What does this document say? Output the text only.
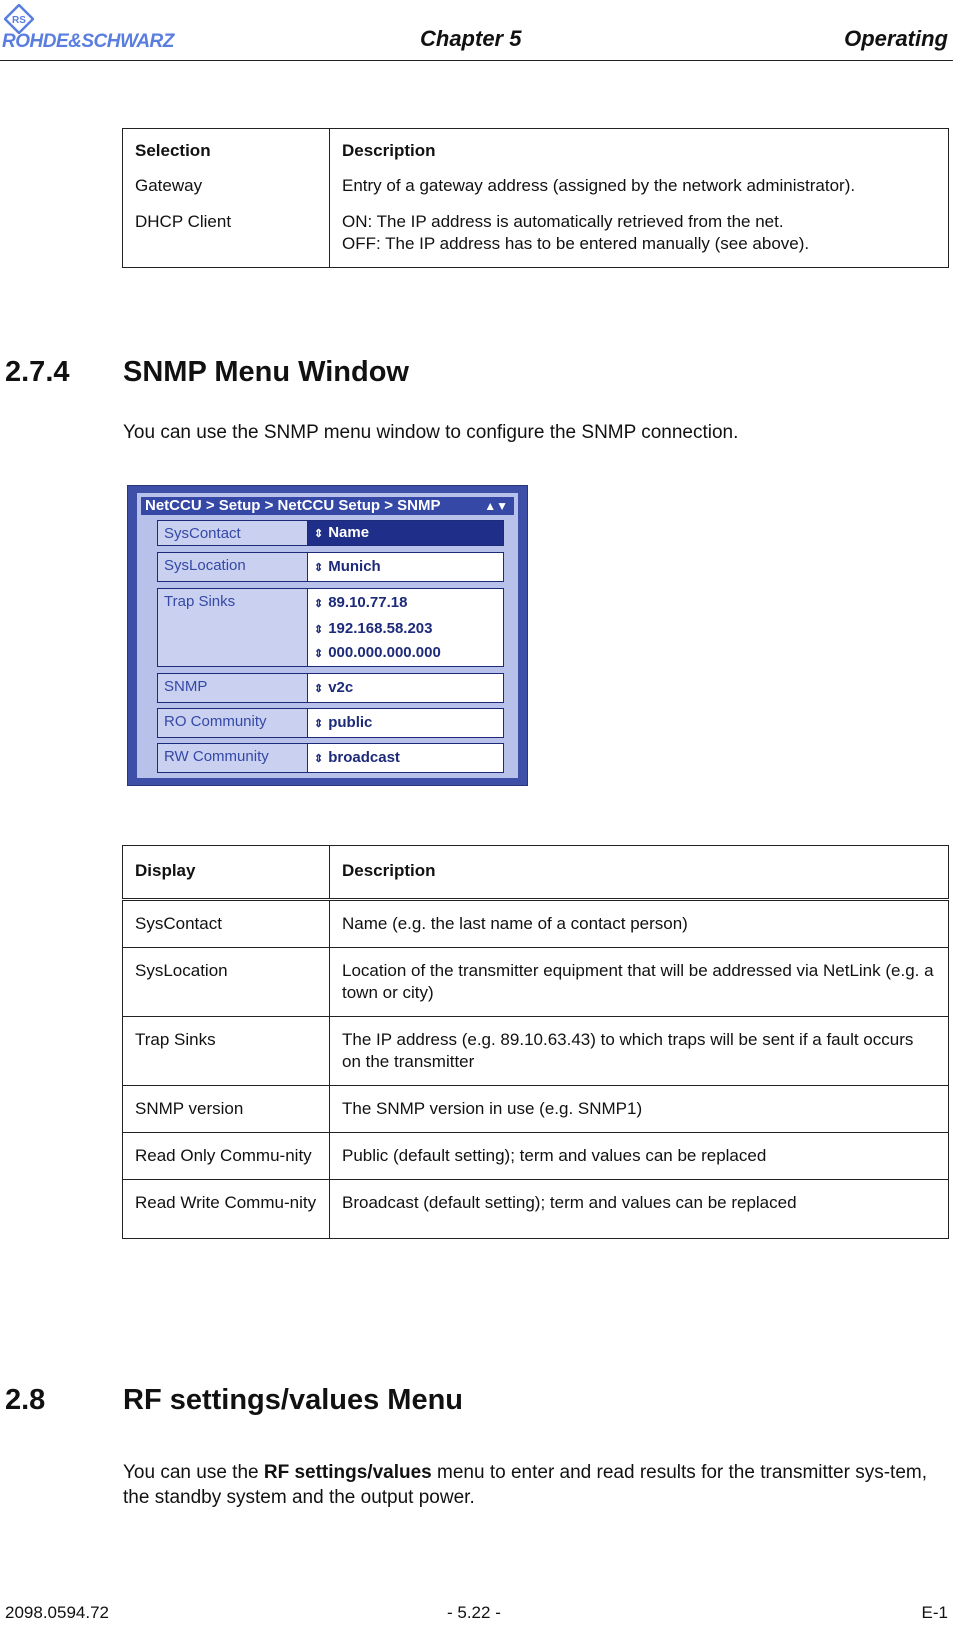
RS
ROHDE&SCHWARZ	Chapter 5	Operating
Selection	Description
Gateway	Entry of a gateway address (assigned by the network administrator).
DHCP Client	ON: The IP address is automatically retrieved from the net.
OFF: The IP address has to be entered manually (see above).
2.7.4 SNMP Menu Window
You can use the SNMP menu window to configure the SNMP connection.
NetCCU > Setup > NetCCU Setup > SNMP	▲▼
SysContact	⇕ Name
SysLocation	⇕ Munich
Trap Sinks	⇕ 89.10.77.18
⇕ 192.168.58.203
⇕ 000.000.000.000
SNMP	⇕ v2c
RO Community	⇕ public
RW Community	⇕ broadcast
Display	Description
SysContact	Name (e.g. the last name of a contact person)
SysLocation	Location of the transmitter equipment that will be addressed via NetLink (e.g. a town or city)
Trap Sinks	The IP address (e.g. 89.10.63.43) to which traps will be sent if a fault occurs on the transmitter
SNMP version	The SNMP version in use (e.g. SNMP1)
Read Only Commu-nity	Public (default setting); term and values can be replaced
Read Write Commu-nity	Broadcast (default setting); term and values can be replaced
2.8	RF settings/values Menu
You can use the RF settings/values menu to enter and read results for the transmitter sys-tem, the standby system and the output power.
2098.0594.72	- 5.22 -	E-1
